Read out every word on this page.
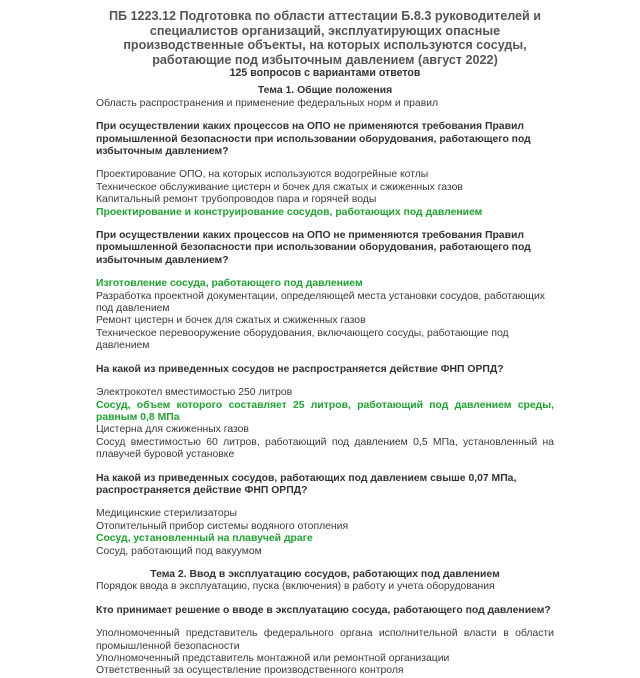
ПБ 1223.12 Подготовка по области аттестации Б.8.3 руководителей и специалистов организаций, эксплуатирующих опасные производственные объекты, на которых используются сосуды, работающие под избыточным давлением (август 2022)
125 вопросов с вариантами ответов
Тема 1. Общие положения
Область распространения и применение федеральных норм и правил
При осуществлении каких процессов на ОПО не применяются требования Правил промышленной безопасности при использовании оборудования, работающего под избыточным давлением?
Проектирование ОПО, на которых используются водогрейные котлы
Техническое обслуживание цистерн и бочек для сжатых и сжиженных газов
Капитальный ремонт трубопроводов пара и горячей воды
Проектирование и конструирование сосудов, работающих под давлением
При осуществлении каких процессов на ОПО не применяются требования Правил промышленной безопасности при использовании оборудования, работающего под избыточным давлением?
Изготовление сосуда, работающего под давлением
Разработка проектной документации, определяющей места установки сосудов, работающих под давлением
Ремонт цистерн и бочек для сжатых и сжиженных газов
Техническое перевооружение оборудования, включающего сосуды, работающие под давлением
На какой из приведенных сосудов не распространяется действие ФНП ОРПД?
Электрокотел вместимостью 250 литров
Сосуд, объем которого составляет 25 литров, работающий под давлением среды, равным 0,8 МПа
Цистерна для сжиженных газов
Сосуд вместимостью 60 литров, работающий под давлением 0,5 МПа, установленный на плавучей буровой установке
На какой из приведенных сосудов, работающих под давлением свыше 0,07 МПа, распространяется действие ФНП ОРПД?
Медицинские стерилизаторы
Отопительный прибор системы водяного отопления
Сосуд, установленный на плавучей драге
Сосуд, работающий под вакуумом
Тема 2. Ввод в эксплуатацию сосудов, работающих под давлением
Порядок ввода в эксплуатацию, пуска (включения) в работу и учета оборудования
Кто принимает решение о вводе в эксплуатацию сосуда, работающего под давлением?
Уполномоченный представитель федерального органа исполнительной власти в области промышленной безопасности
Уполномоченный представитель монтажной или ремонтной организации
Ответственный за осуществление производственного контроля
